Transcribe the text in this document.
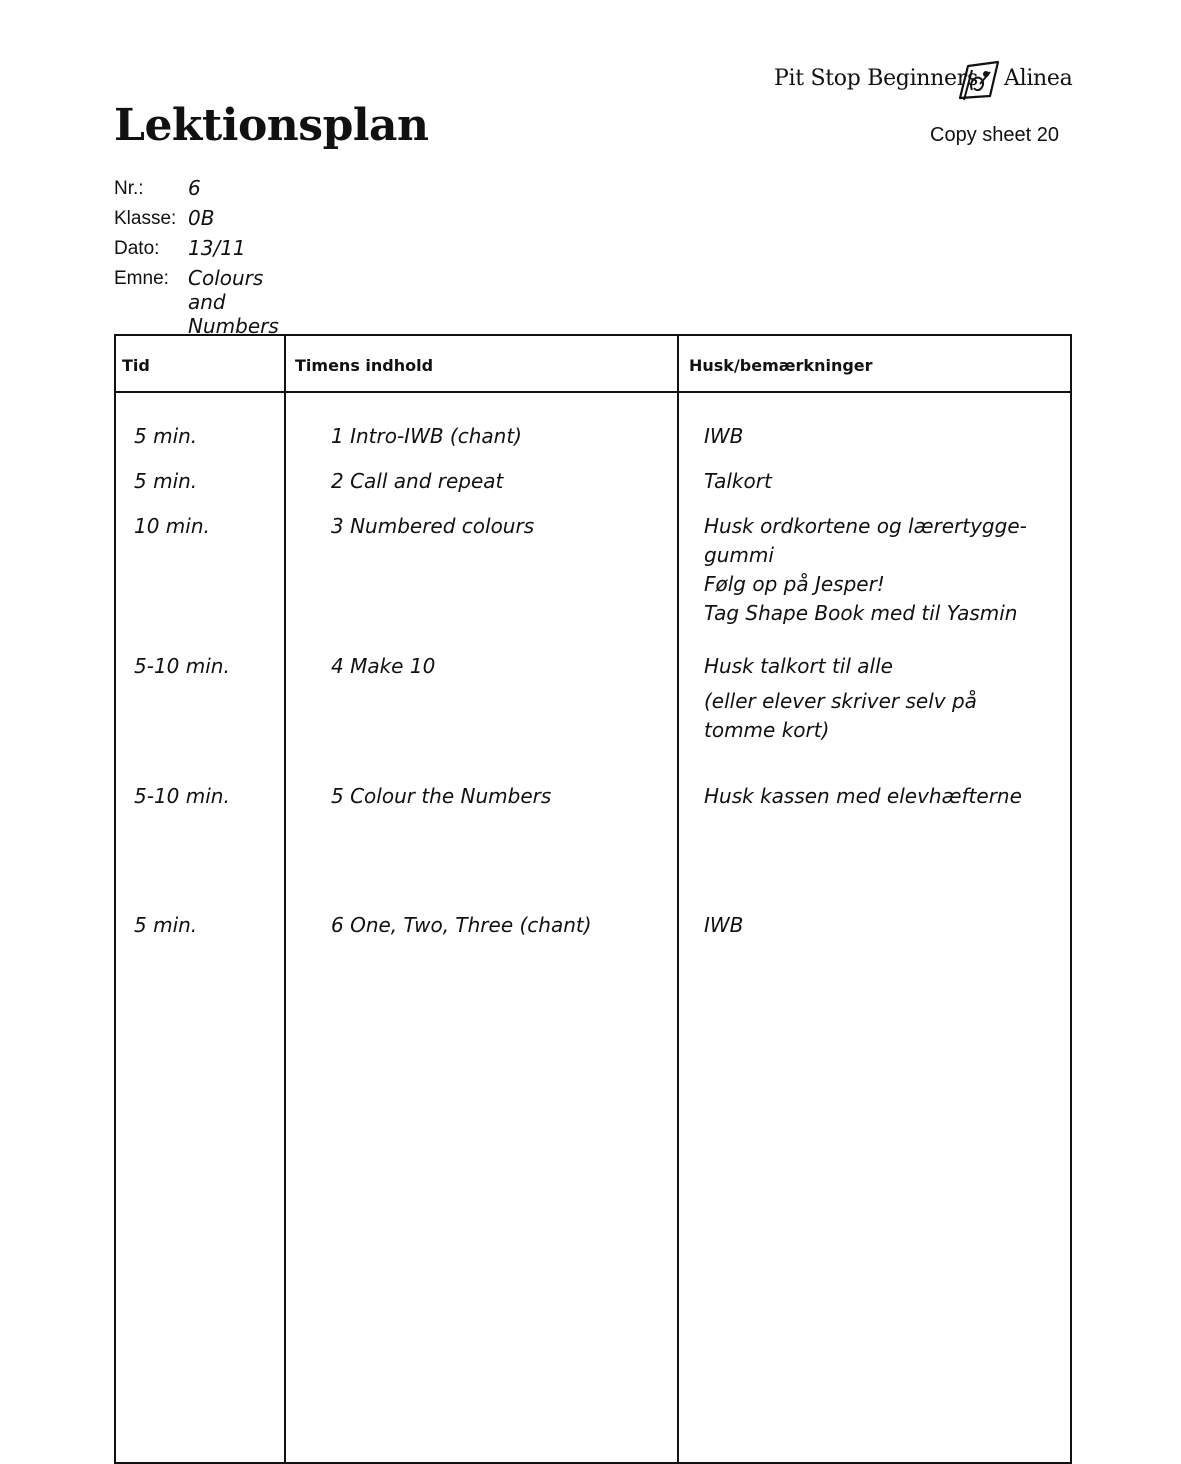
Pit Stop Beginners Alinea
Lektionsplan	Copy sheet 20
Nr.: 6
Klasse: 0B
Dato: 13/11
Emne: Colours and Numbers
Tid	Timens indhold	Husk/bemærkninger
5 min.	1 Intro-IWB (chant)	IWB
5 min.	2 Call and repeat	Talkort
10 min.	3 Numbered colours	Husk ordkortene og lærertygge-
gummi
Følg op på Jesper!
Tag Shape Book med til Yasmin
5-10 min.	4 Make 10	Husk talkort til alle
(eller elever skriver selv på
tomme kort)
5-10 min.	5 Colour the Numbers	Husk kassen med elevhæfterne
5 min.	6 One, Two, Three (chant)	IWB
